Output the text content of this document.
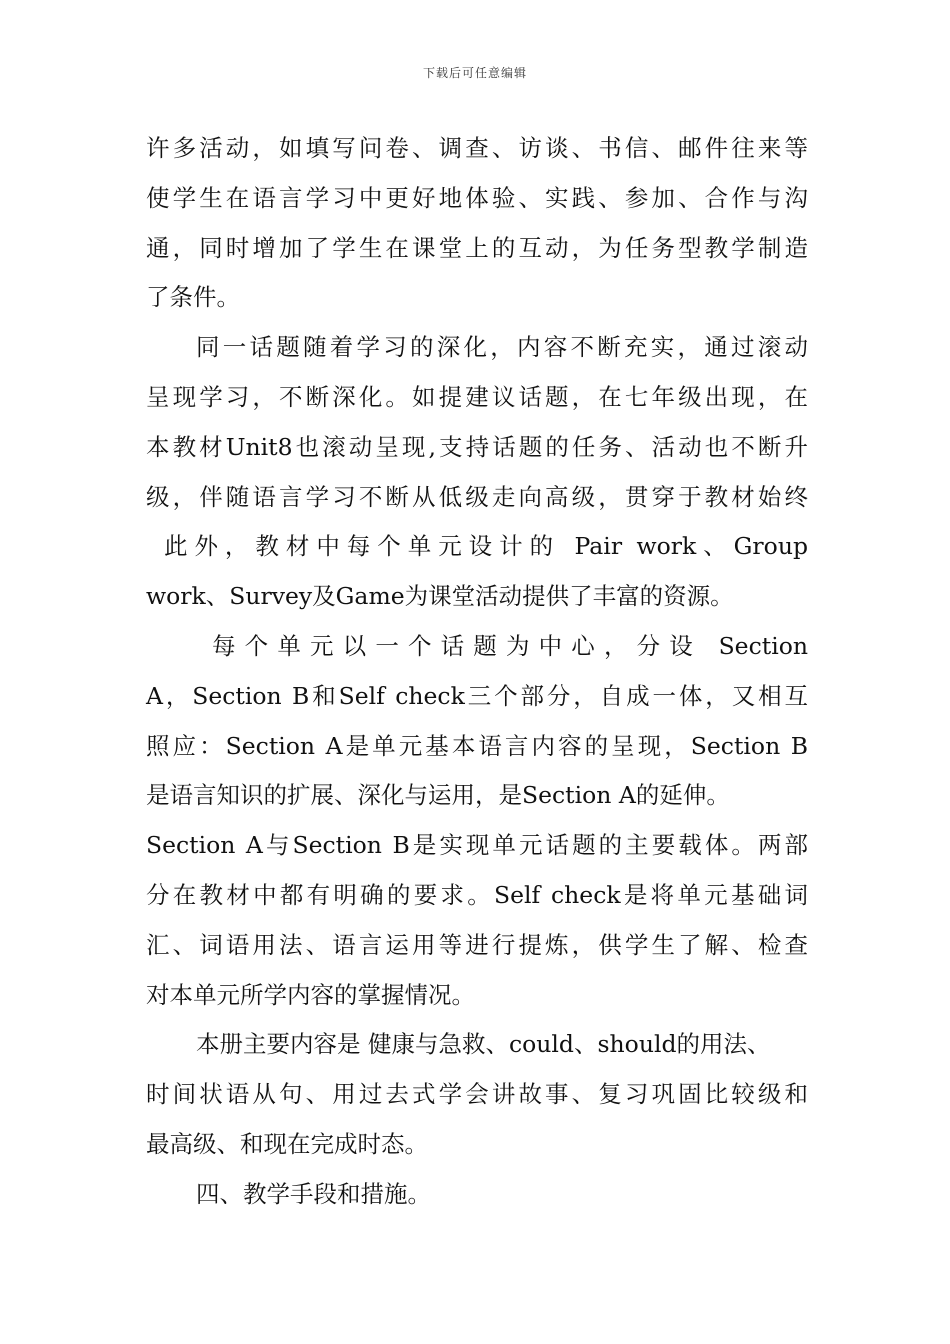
下载后可任意编辑
许多活动，如填写问卷、调查、访谈、书信、邮件往来等
使学生在语言学习中更好地体验、实践、参加、合作与沟
通，同时增加了学生在课堂上的互动，为任务型教学制造
了条件。
同一话题随着学习的深化，内容不断充实，通过滚动
呈现学习，不断深化。如提建议话题，在七年级出现，在
本教材Unit8也滚动呈现,支持话题的任务、活动也不断升
级，伴随语言学习不断从低级走向高级，贯穿于教材始终
此外，教材中每个单元设计的 Pair work、Group
work、Survey及Game为课堂活动提供了丰富的资源。
每个单元以一个话题为中心，分设 Section
A，Section B和Self check三个部分，自成一体，又相互
照应：Section A是单元基本语言内容的呈现，Section B
是语言知识的扩展、深化与运用，是Section A的延伸。
Section A与Section B是实现单元话题的主要载体。两部
分在教材中都有明确的要求。Self check是将单元基础词
汇、词语用法、语言运用等进行提炼，供学生了解、检查
对本单元所学内容的掌握情况。
本册主要内容是 健康与急救、could、should的用法、
时间状语从句、用过去式学会讲故事、复习巩固比较级和
最高级、和现在完成时态。
四、教学手段和措施。
